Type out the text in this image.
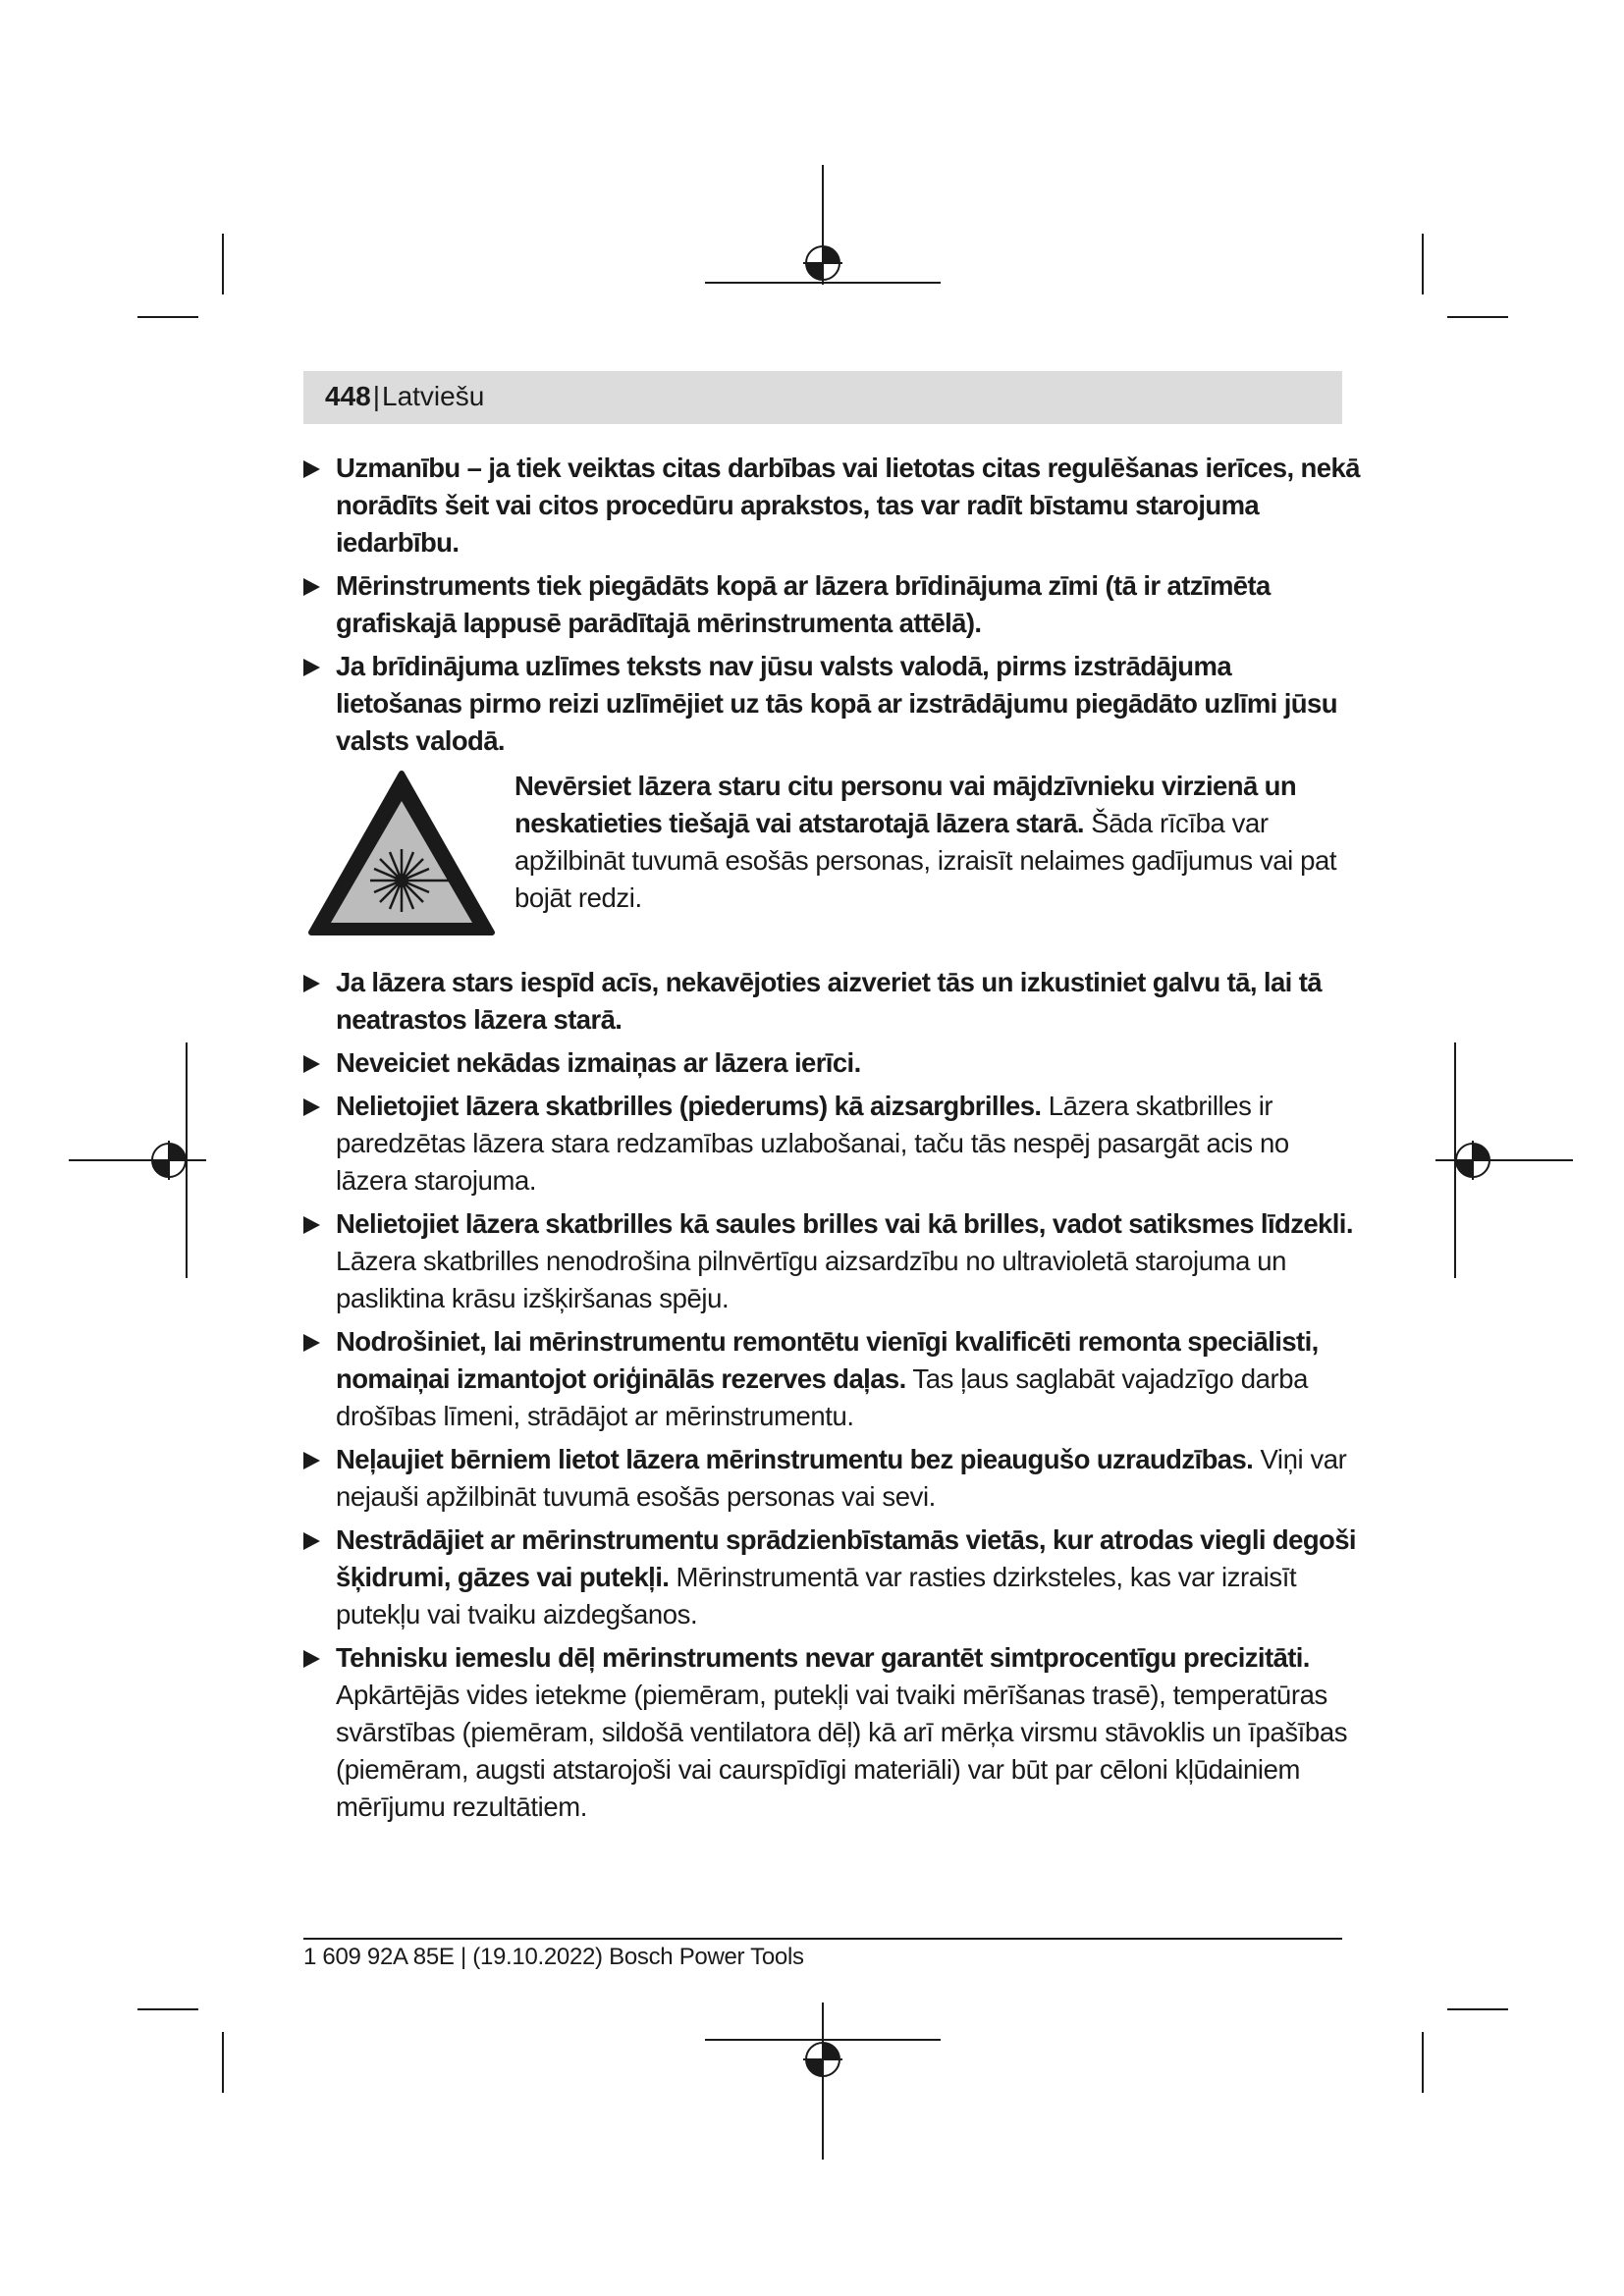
448|Latviešu
Uzmanību – ja tiek veiktas citas darbības vai lietotas citas regulēšanas ierīces, nekā norādīts šeit vai citos procedūru aprakstos, tas var radīt bīstamu starojuma iedarbību.
Mērinstruments tiek piegādāts kopā ar lāzera brīdinājuma zīmi (tā ir atzīmēta grafiskajā lappusē parādītajā mērinstrumenta attēlā).
Ja brīdinājuma uzlīmes teksts nav jūsu valsts valodā, pirms izstrādājuma lietošanas pirmo reizi uzlīmējiet uz tās kopā ar izstrādājumu piegādāto uzlīmi jūsu valsts valodā.
Nevērsiet lāzera staru citu personu vai mājdzīvnieku virzienā un neskatieties tiešajā vai atstarotajā lāzera starā. Šāda rīcība var apžilbināt tuvumā esošās personas, izraisīt nelaimes gadījumus vai pat bojāt redzi.
Ja lāzera stars iespīd acīs, nekavējoties aizveriet tās un izkustiniet galvu tā, lai tā neatrastos lāzera starā.
Neveiciet nekādas izmaiņas ar lāzera ierīci.
Nelietojiet lāzera skatbrilles (piederums) kā aizsargbrilles. Lāzera skatbrilles ir paredzētas lāzera stara redzamības uzlabošanai, taču tās nespēj pasargāt acis no lāzera starojuma.
Nelietojiet lāzera skatbrilles kā saules brilles vai kā brilles, vadot satiksmes līdzekli. Lāzera skatbrilles nenodrošina pilnvērtīgu aizsardzību no ultravioletā starojuma un pasliktina krāsu izšķiršanas spēju.
Nodrošiniet, lai mērinstrumentu remontētu vienīgi kvalificēti remonta speciālisti, nomaiņai izmantojot oriģinālās rezerves daļas. Tas ļaus saglabāt vajadzīgo darba drošības līmeni, strādājot ar mērinstrumentu.
Neļaujiet bērniem lietot lāzera mērinstrumentu bez pieaugušo uzraudzības. Viņi var nejauši apžilbināt tuvumā esošās personas vai sevi.
Nestrādājiet ar mērinstrumentu sprādzienbīstamās vietās, kur atrodas viegli degoši šķidrumi, gāzes vai putekļi. Mērinstrumentā var rasties dzirksteles, kas var izraisīt putekļu vai tvaiku aizdegšanos.
Tehnisku iemeslu dēļ mērinstruments nevar garantēt simtprocentīgu precizitāti. Apkārtējās vides ietekme (piemēram, putekļi vai tvaiki mērīšanas trasē), temperatūras svārstības (piemēram, sildošā ventilatora dēļ) kā arī mērķa virsmu stāvoklis un īpašības (piemēram, augsti atstarojoši vai caurspīdīgi materiāli) var būt par cēloni kļūdainiem mērījumu rezultātiem.
1 609 92A 85E | (19.10.2022) Bosch Power Tools
